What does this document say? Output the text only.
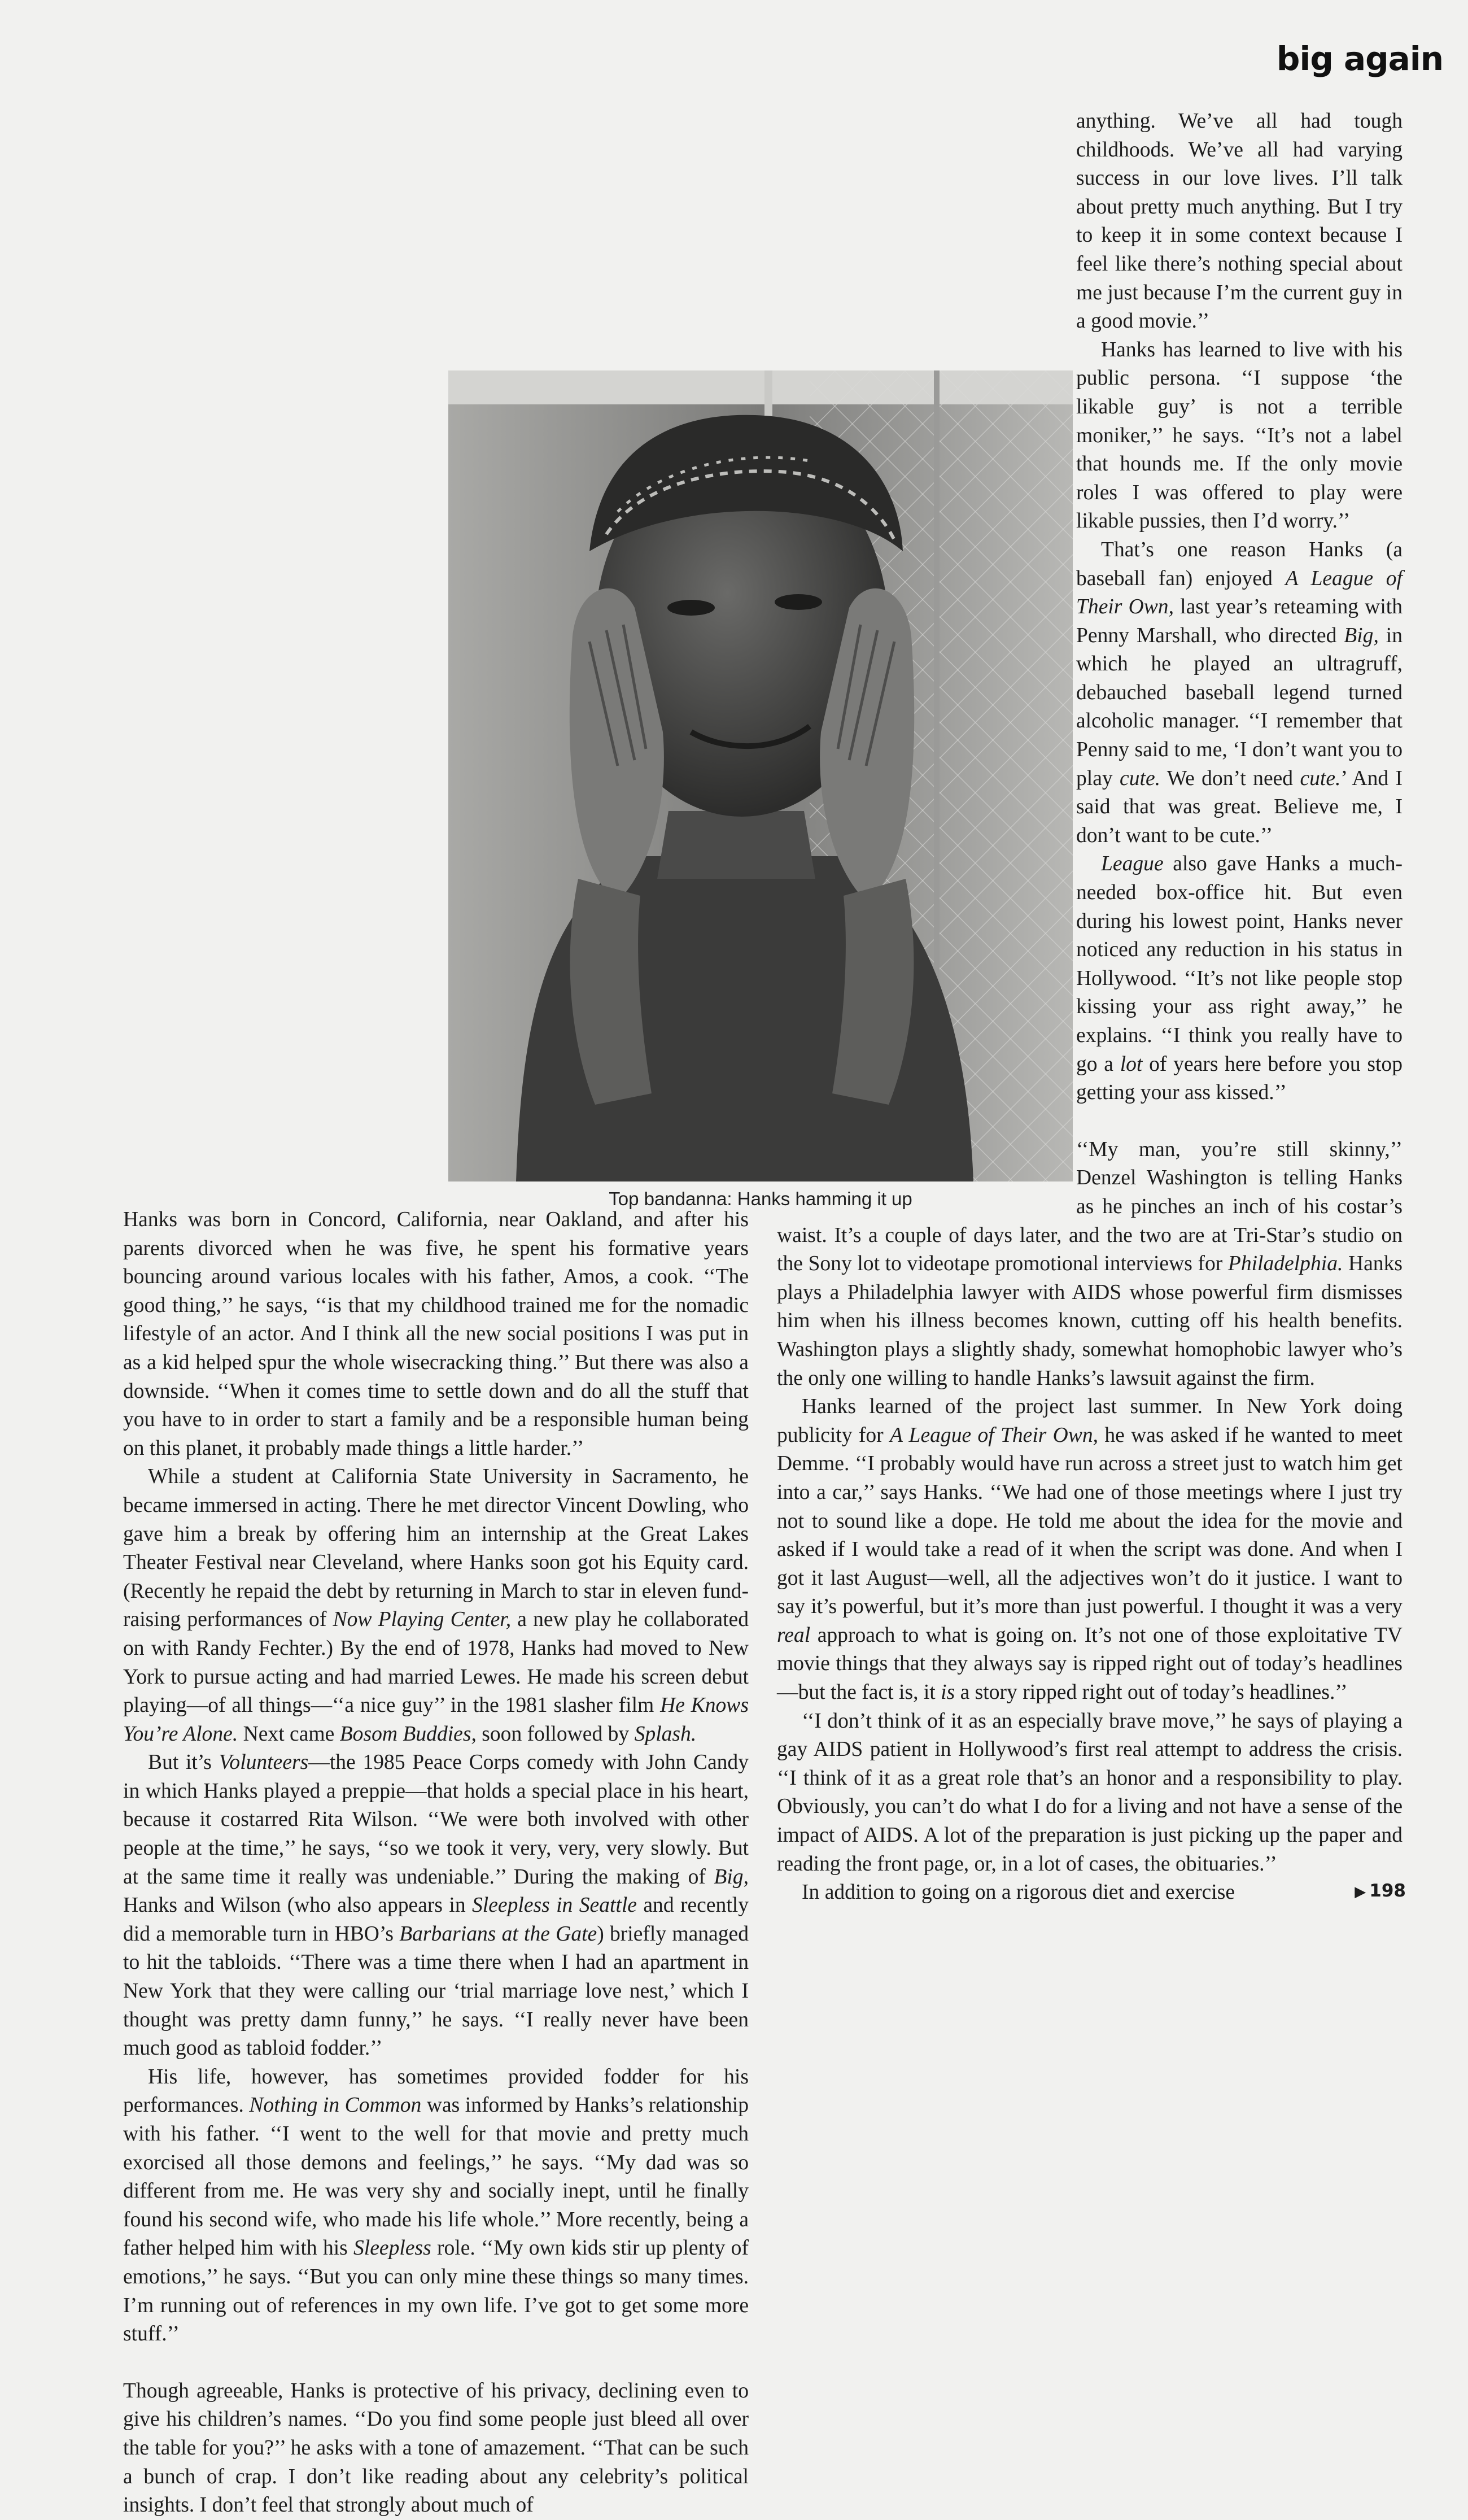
big again

Top bandanna: Hanks hamming it up

Hanks was born in Concord, California, near Oakland, and after his parents divorced when he was five, he spent his formative years bouncing around various locales with his father, Amos, a cook. ‘‘The good thing,’’ he says, ‘‘is that my childhood trained me for the nomadic lifestyle of an actor. And I think all the new social positions I was put in as a kid helped spur the whole wisecracking thing.’’ But there was also a downside. ‘‘When it comes time to settle down and do all the stuff that you have to in order to start a family and be a responsible human being on this planet, it probably made things a little harder.’’

While a student at California State University in Sacramento, he became immersed in acting. There he met director Vincent Dowling, who gave him a break by offering him an internship at the Great Lakes Theater Festival near Cleveland, where Hanks soon got his Equity card. (Recently he repaid the debt by returning in March to star in eleven fund-raising performances of Now Playing Center, a new play he collaborated on with Randy Fechter.) By the end of 1978, Hanks had moved to New York to pursue acting and had married Lewes. He made his screen debut playing—of all things—‘‘a nice guy’’ in the 1981 slasher film He Knows You’re Alone. Next came Bosom Buddies, soon followed by Splash.

But it’s Volunteers—the 1985 Peace Corps comedy with John Candy in which Hanks played a preppie—that holds a special place in his heart, because it costarred Rita Wilson. ‘‘We were both involved with other people at the time,’’ he says, ‘‘so we took it very, very, very slowly. But at the same time it really was undeniable.’’ During the making of Big, Hanks and Wilson (who also appears in Sleepless in Seattle and recently did a memorable turn in HBO’s Barbarians at the Gate) briefly managed to hit the tabloids. ‘‘There was a time there when I had an apartment in New York that they were calling our ‘trial marriage love nest,’ which I thought was pretty damn funny,’’ he says. ‘‘I really never have been much good as tabloid fodder.’’

His life, however, has sometimes provided fodder for his performances. Nothing in Common was informed by Hanks’s relationship with his father. ‘‘I went to the well for that movie and pretty much exorcised all those demons and feelings,’’ he says. ‘‘My dad was so different from me. He was very shy and socially inept, until he finally found his second wife, who made his life whole.’’ More recently, being a father helped him with his Sleepless role. ‘‘My own kids stir up plenty of emotions,’’ he says. ‘‘But you can only mine these things so many times. I’m running out of references in my own life. I’ve got to get some more stuff.’’

Though agreeable, Hanks is protective of his privacy, declining even to give his children’s names. ‘‘Do you find some people just bleed all over the table for you?’’ he asks with a tone of amazement. ‘‘That can be such a bunch of crap. I don’t like reading about any celebrity’s political insights. I don’t feel that strongly about much of

anything. We’ve all had tough childhoods. We’ve all had varying success in our love lives. I’ll talk about pretty much anything. But I try to keep it in some context because I feel like there’s nothing special about me just because I’m the current guy in a good movie.’’

Hanks has learned to live with his public persona. ‘‘I suppose ‘the likable guy’ is not a terrible moniker,’’ he says. ‘‘It’s not a label that hounds me. If the only movie roles I was offered to play were likable pussies, then I’d worry.’’

That’s one reason Hanks (a baseball fan) enjoyed A League of Their Own, last year’s reteaming with Penny Marshall, who directed Big, in which he played an ultragruff, debauched baseball legend turned alcoholic manager. ‘‘I remember that Penny said to me, ‘I don’t want you to play cute. We don’t need cute.’ And I said that was great. Believe me, I don’t want to be cute.’’

League also gave Hanks a much-needed box-office hit. But even during his lowest point, Hanks never noticed any reduction in his status in Hollywood. ‘‘It’s not like people stop kissing your ass right away,’’ he explains. ‘‘I think you really have to go a lot of years here before you stop getting your ass kissed.’’

‘‘My man, you’re still skinny,’’ Denzel Washington is telling Hanks as he pinches an inch of his costar’s waist. It’s a couple of days later, and the two are at Tri-Star’s studio on the Sony lot to videotape promotional interviews for Philadelphia. Hanks plays a Philadelphia lawyer with AIDS whose powerful firm dismisses him when his illness becomes known, cutting off his health benefits. Washington plays a slightly shady, somewhat homophobic lawyer who’s the only one willing to handle Hanks’s lawsuit against the firm.

Hanks learned of the project last summer. In New York doing publicity for A League of Their Own, he was asked if he wanted to meet Demme. ‘‘I probably would have run across a street just to watch him get into a car,’’ says Hanks. ‘‘We had one of those meetings where I just try not to sound like a dope. He told me about the idea for the movie and asked if I would take a read of it when the script was done. And when I got it last August—well, all the adjectives won’t do it justice. I want to say it’s powerful, but it’s more than just powerful. I thought it was a very real approach to what is going on. It’s not one of those exploitative TV movie things that they always say is ripped right out of today’s headlines—but the fact is, it is a story ripped right out of today’s headlines.’’

‘‘I don’t think of it as an especially brave move,’’ he says of playing a gay AIDS patient in Hollywood’s first real attempt to address the crisis. ‘‘I think of it as a great role that’s an honor and a responsibility to play. Obviously, you can’t do what I do for a living and not have a sense of the impact of AIDS. A lot of the preparation is just picking up the paper and reading the front page, or, in a lot of cases, the obituaries.’’

In addition to going on a rigorous diet and exercise	▶ 198
